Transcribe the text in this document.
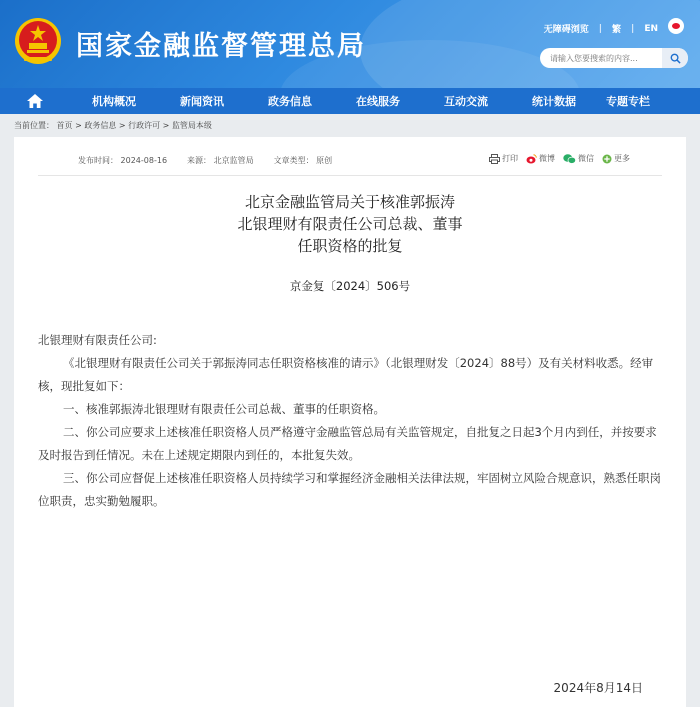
国家金融监督管理总局
无障碍浏览 | 繁 | EN
请输入您要搜索的内容...
机构概况	新闻资讯	政务信息	在线服务	互动交流	统计数据	专题专栏
当前位置： 首页 > 政务信息 > 行政许可 > 监管局本级
发布时间： 2024-08-16	来源： 北京监管局	文章类型： 原创	打印	微博	微信	更多
北京金融监管局关于核准郭振涛
北银理财有限责任公司总裁、董事
任职资格的批复
京金复〔2024〕506号

北银理财有限责任公司:

《北银理财有限责任公司关于郭振涛同志任职资格核准的请示》（北银理财发〔2024〕88号）及有关材料收悉。经审核，现批复如下：

一、核准郭振涛北银理财有限责任公司总裁、董事的任职资格。

二、你公司应要求上述核准任职资格人员严格遵守金融监管总局有关监管规定，自批复之日起3个月内到任，并按要求及时报告到任情况。未在上述规定期限内到任的，本批复失效。

三、你公司应督促上述核准任职资格人员持续学习和掌握经济金融相关法律法规，牢固树立风险合规意识，熟悉任职岗位职责，忠实勤勉履职。

2024年8月14日
